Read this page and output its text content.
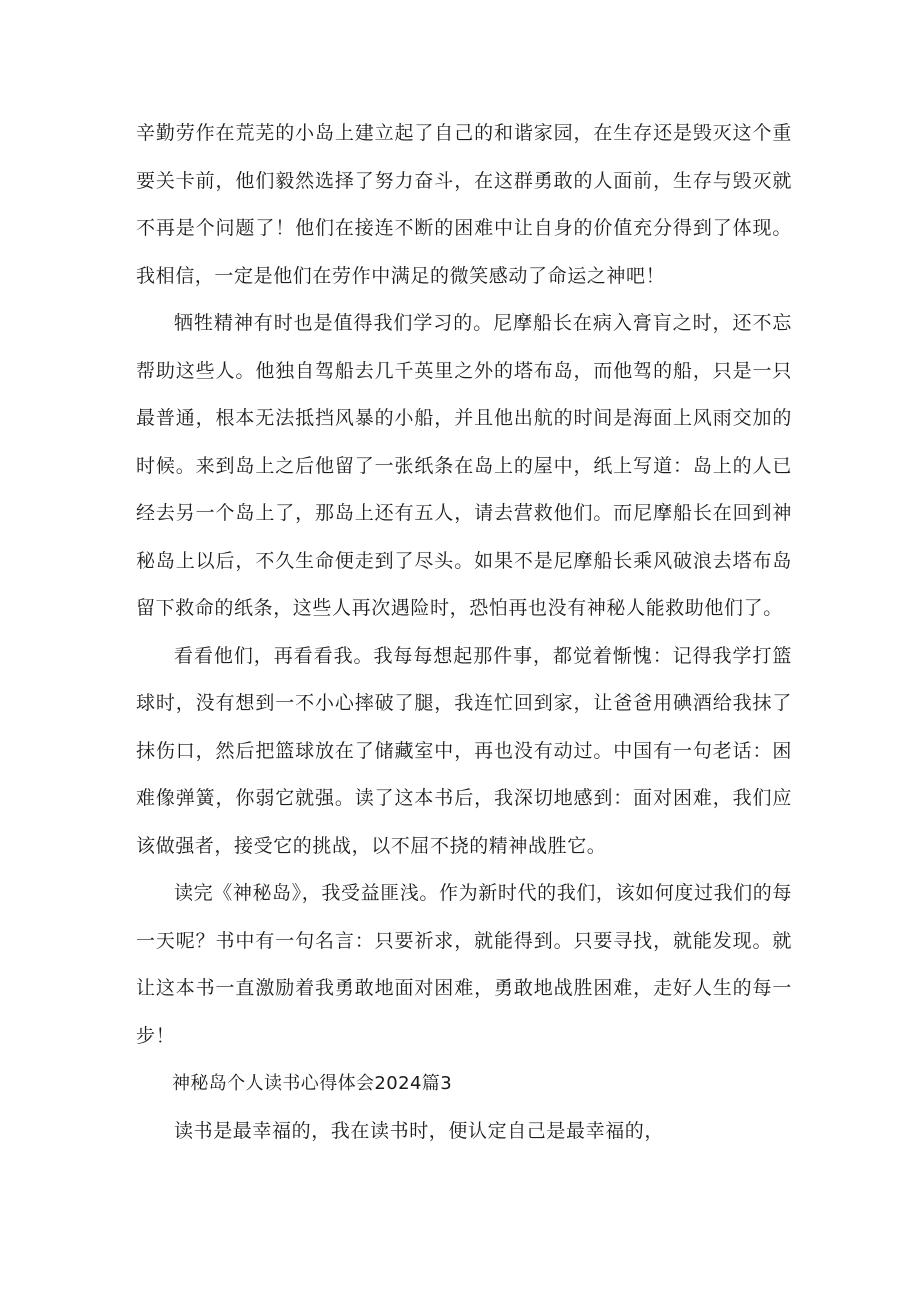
辛勤劳作在荒芜的小岛上建立起了自己的和谐家园，在生存还是毁灭这个重要关卡前，他们毅然选择了努力奋斗，在这群勇敢的人面前，生存与毁灭就不再是个问题了！他们在接连不断的困难中让自身的价值充分得到了体现。我相信，一定是他们在劳作中满足的微笑感动了命运之神吧！

牺牲精神有时也是值得我们学习的。尼摩船长在病入膏肓之时，还不忘帮助这些人。他独自驾船去几千英里之外的塔布岛，而他驾的船，只是一只最普通，根本无法抵挡风暴的小船，并且他出航的时间是海面上风雨交加的时候。来到岛上之后他留了一张纸条在岛上的屋中，纸上写道：岛上的人已经去另一个岛上了，那岛上还有五人，请去营救他们。而尼摩船长在回到神秘岛上以后，不久生命便走到了尽头。如果不是尼摩船长乘风破浪去塔布岛留下救命的纸条，这些人再次遇险时，恐怕再也没有神秘人能救助他们了。

看看他们，再看看我。我每每想起那件事，都觉着惭愧：记得我学打篮球时，没有想到一不小心摔破了腿，我连忙回到家，让爸爸用碘酒给我抹了抹伤口，然后把篮球放在了储藏室中，再也没有动过。中国有一句老话：困难像弹簧，你弱它就强。读了这本书后，我深切地感到：面对困难，我们应该做强者，接受它的挑战，以不屈不挠的精神战胜它。

读完《神秘岛》，我受益匪浅。作为新时代的我们，该如何度过我们的每一天呢？书中有一句名言：只要祈求，就能得到。只要寻找，就能发现。就让这本书一直激励着我勇敢地面对困难，勇敢地战胜困难，走好人生的每一步！

神秘岛个人读书心得体会2024篇3

读书是最幸福的，我在读书时，便认定自己是最幸福的，
